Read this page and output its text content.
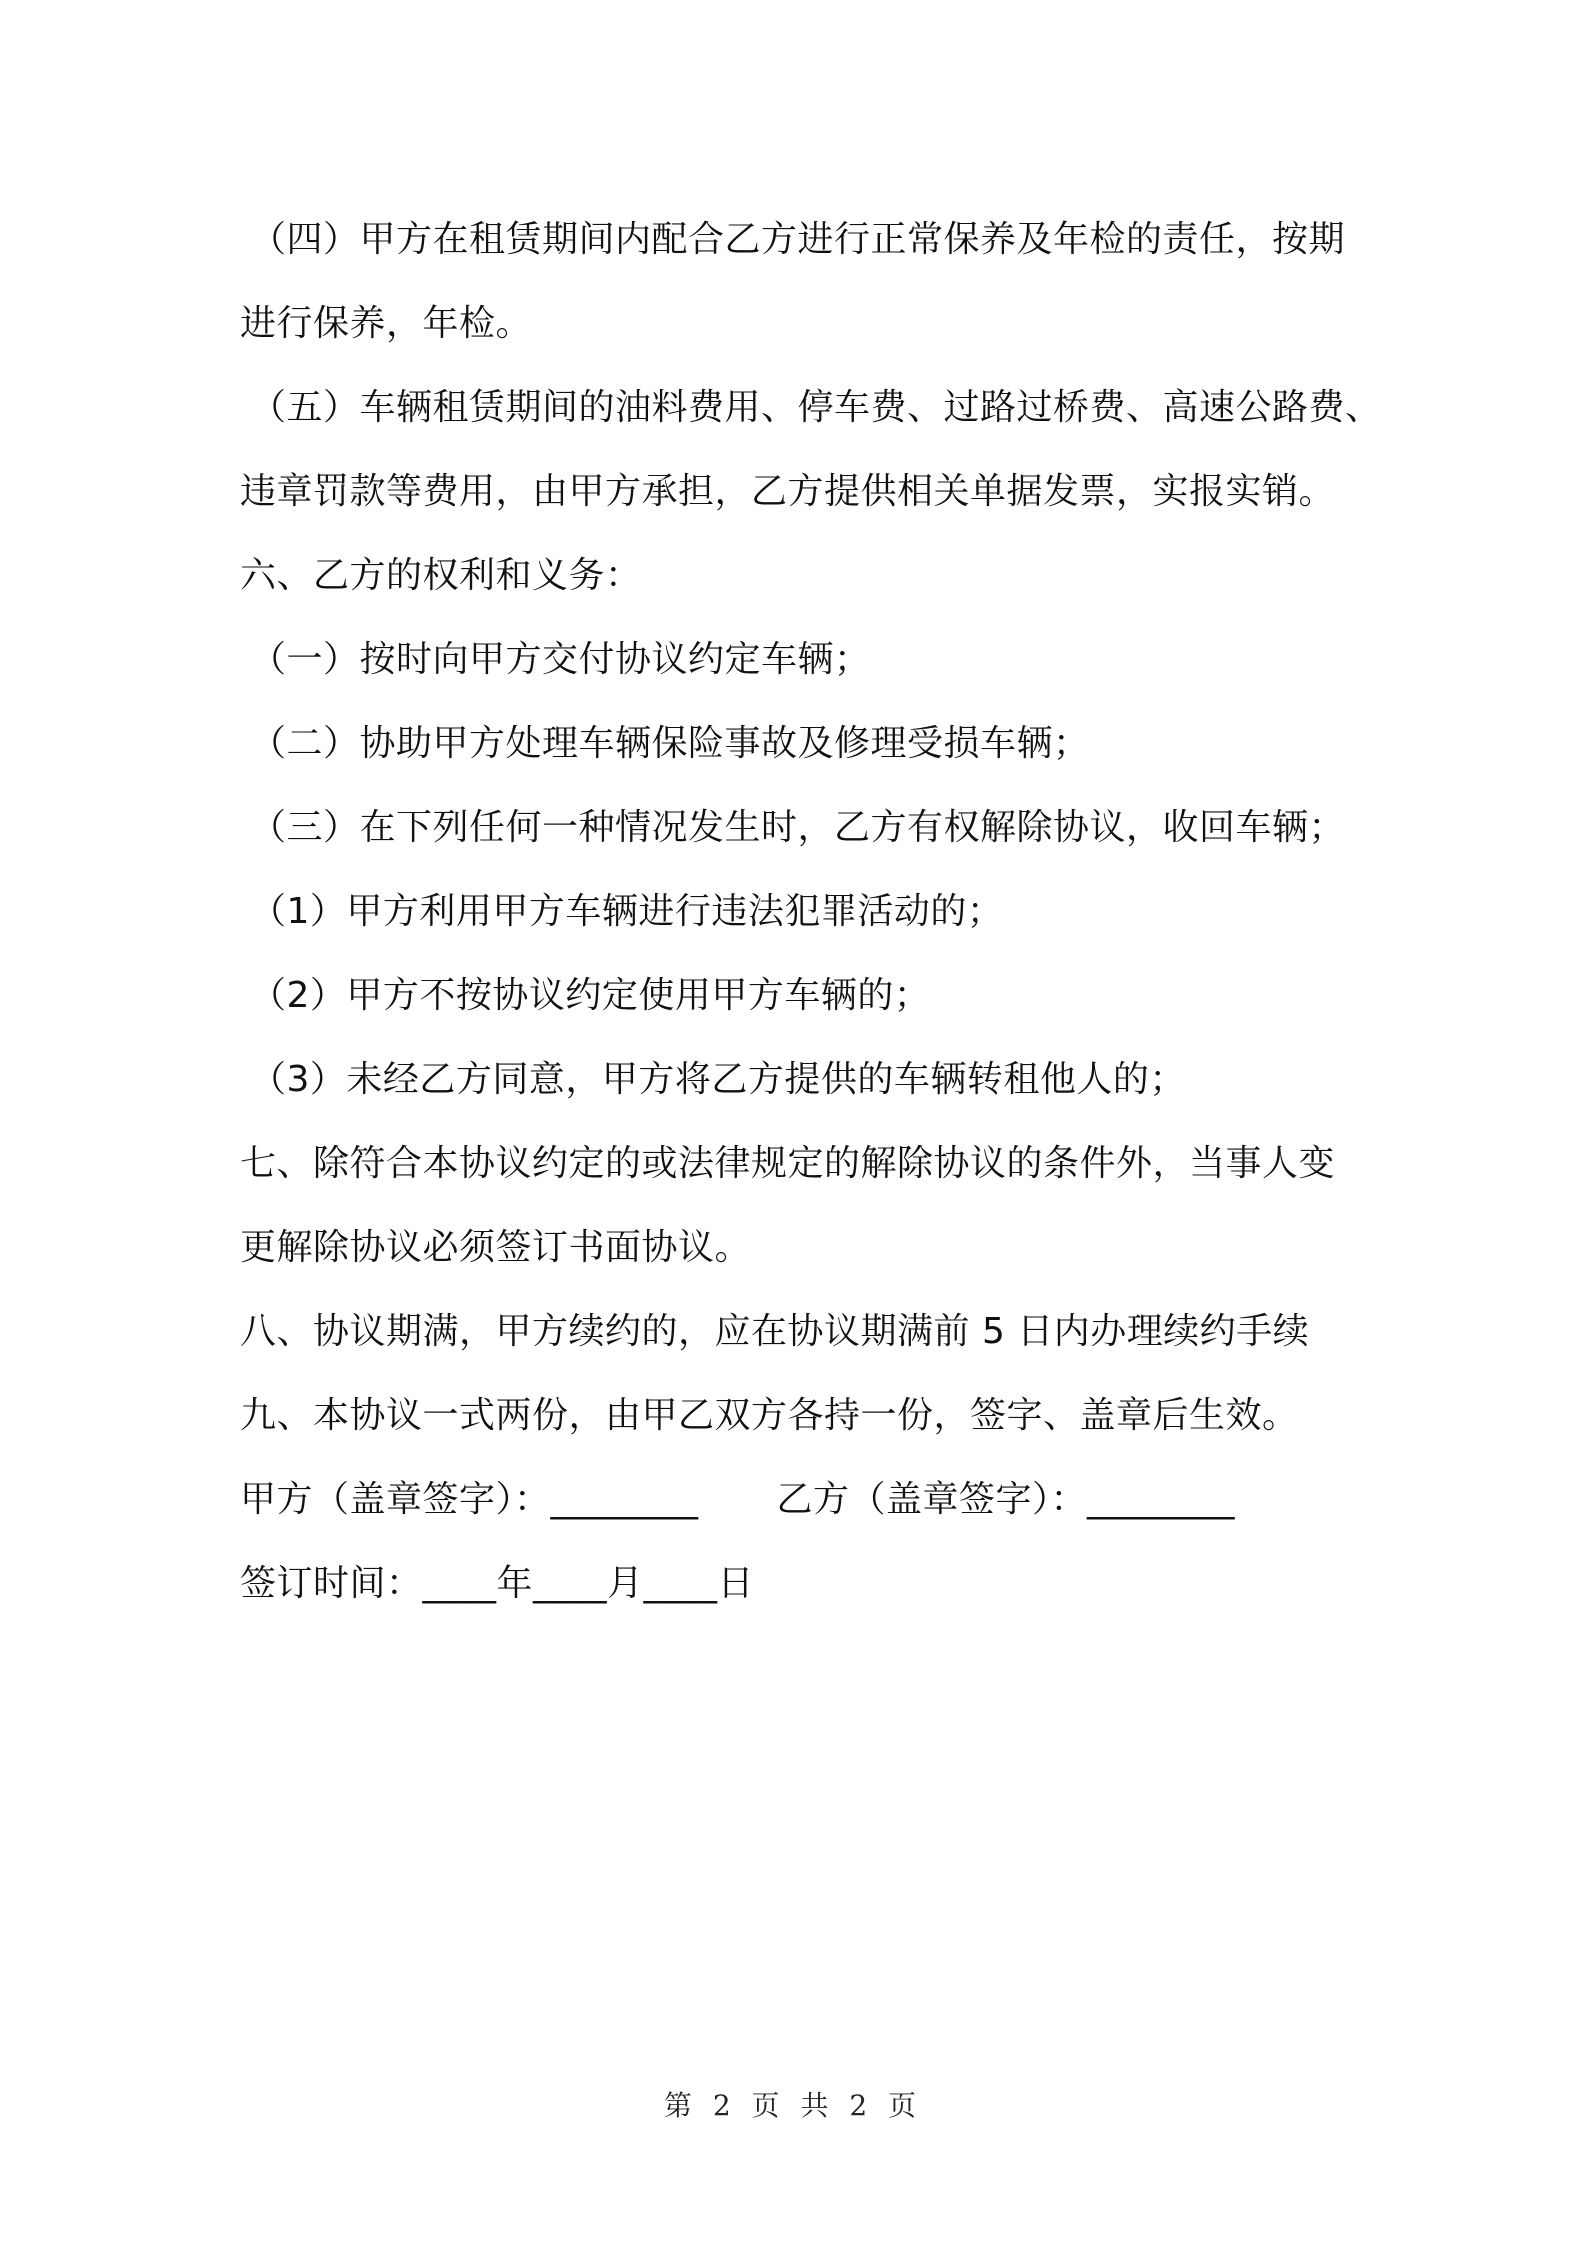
（四）甲方在租赁期间内配合乙方进行正常保养及年检的责任，按期
进行保养，年检。
（五）车辆租赁期间的油料费用、停车费、过路过桥费、高速公路费、
违章罚款等费用，由甲方承担，乙方提供相关单据发票，实报实销。
六、乙方的权利和义务：
（一）按时向甲方交付协议约定车辆；
（二）协助甲方处理车辆保险事故及修理受损车辆；
（三）在下列任何一种情况发生时，乙方有权解除协议，收回车辆；
（1）甲方利用甲方车辆进行违法犯罪活动的；
（2）甲方不按协议约定使用甲方车辆的；
（3）未经乙方同意，甲方将乙方提供的车辆转租他人的；
七、除符合本协议约定的或法律规定的解除协议的条件外，当事人变
更解除协议必须签订书面协议。
八、协议期满，甲方续约的，应在协议期满前 5 日内办理续约手续
九、本协议一式两份，由甲乙双方各持一份，签字、盖章后生效。
甲方（盖章签字）：________ 乙方（盖章签字）：________
签订时间：____年____月____日
第 2 页 共 2 页
